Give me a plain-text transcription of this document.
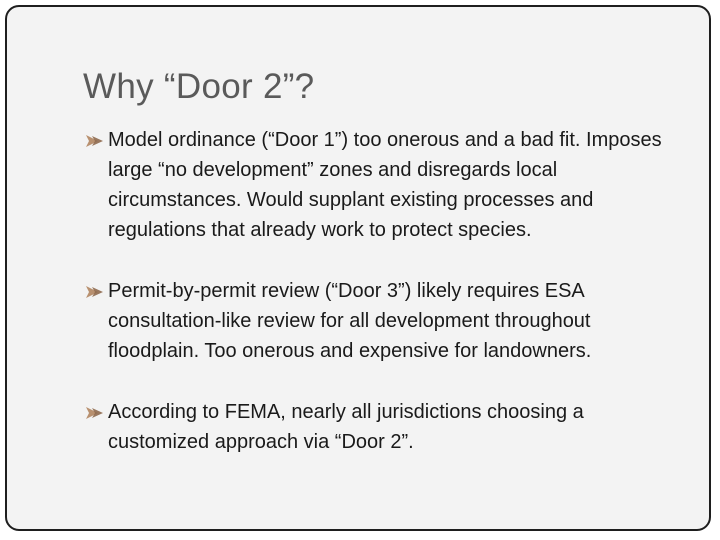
Why “Door 2”?
Model ordinance (“Door 1”) too onerous and a bad fit. Imposes large “no development” zones and disregards local circumstances. Would supplant existing processes and regulations that already work to protect species.
Permit-by-permit review (“Door 3”) likely requires ESA consultation-like review for all development throughout floodplain. Too onerous and expensive for landowners.
According to FEMA, nearly all jurisdictions choosing a customized approach via “Door 2”.
